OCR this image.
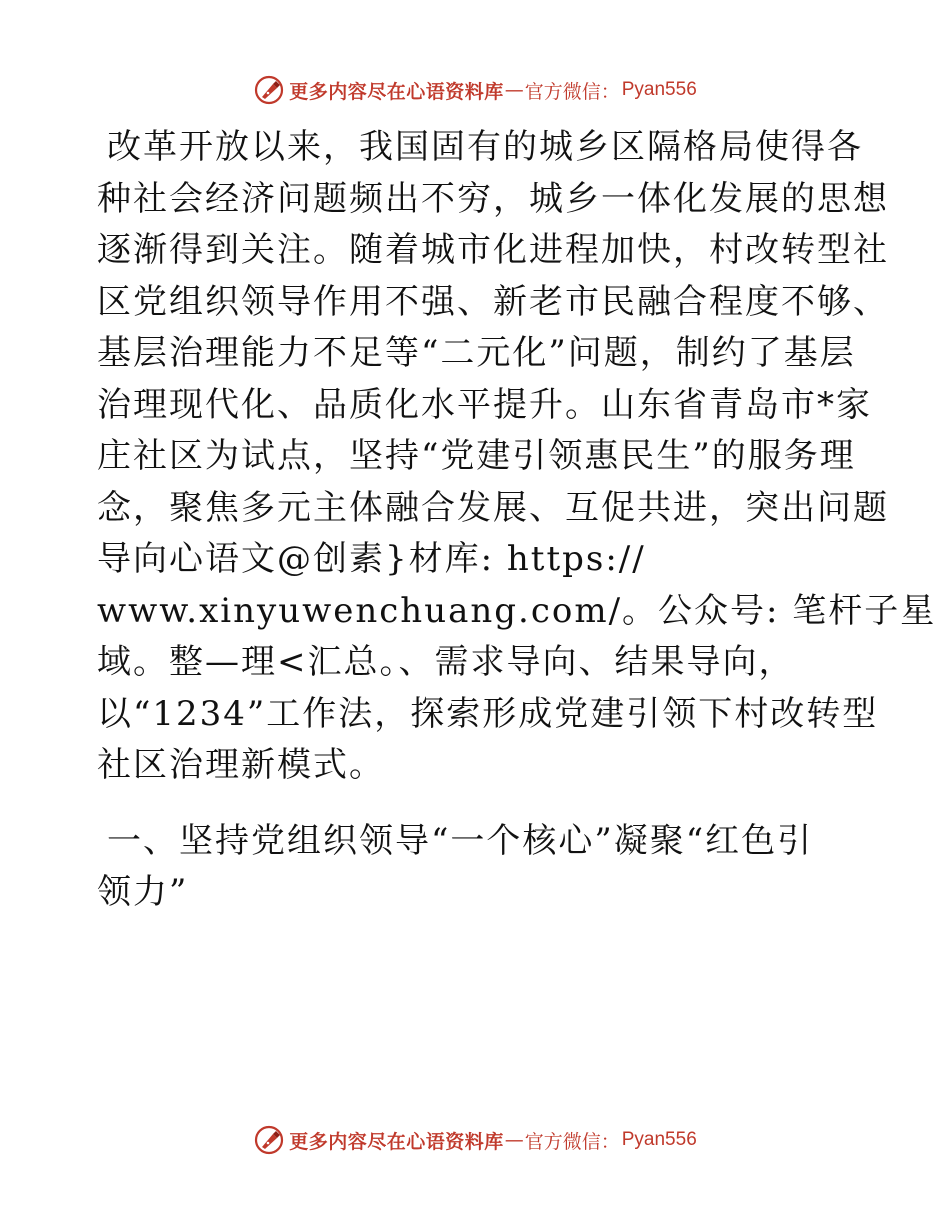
更多内容尽在心语资料库 — 官方微信： Pyan556
改革开放以来，我国固有的城乡区隔格局使得各
种社会经济问题频出不穷，城乡一体化发展的思想
逐渐得到关注。随着城市化进程加快，村改转型社
区党组织领导作用不强、新老市民融合程度不够、
基层治理能力不足等“二元化”问题，制约了基层
治理现代化、品质化水平提升。山东省青岛市*家
庄社区为试点，坚持“党建引领惠民生”的服务理
念，聚焦多元主体融合发展、互促共进，突出问题
导向心语文@创素}材库: https://
www.xinyuwenchuang.com/。公众号: 笔杆子星
域。整—理<汇总。、需求导向、结果导向，
以“1234”工作法，探索形成党建引领下村改转型
社区治理新模式。
一、坚持党组织领导“一个核心”凝聚“红色引
领力”
更多内容尽在心语资料库 — 官方微信： Pyan556
